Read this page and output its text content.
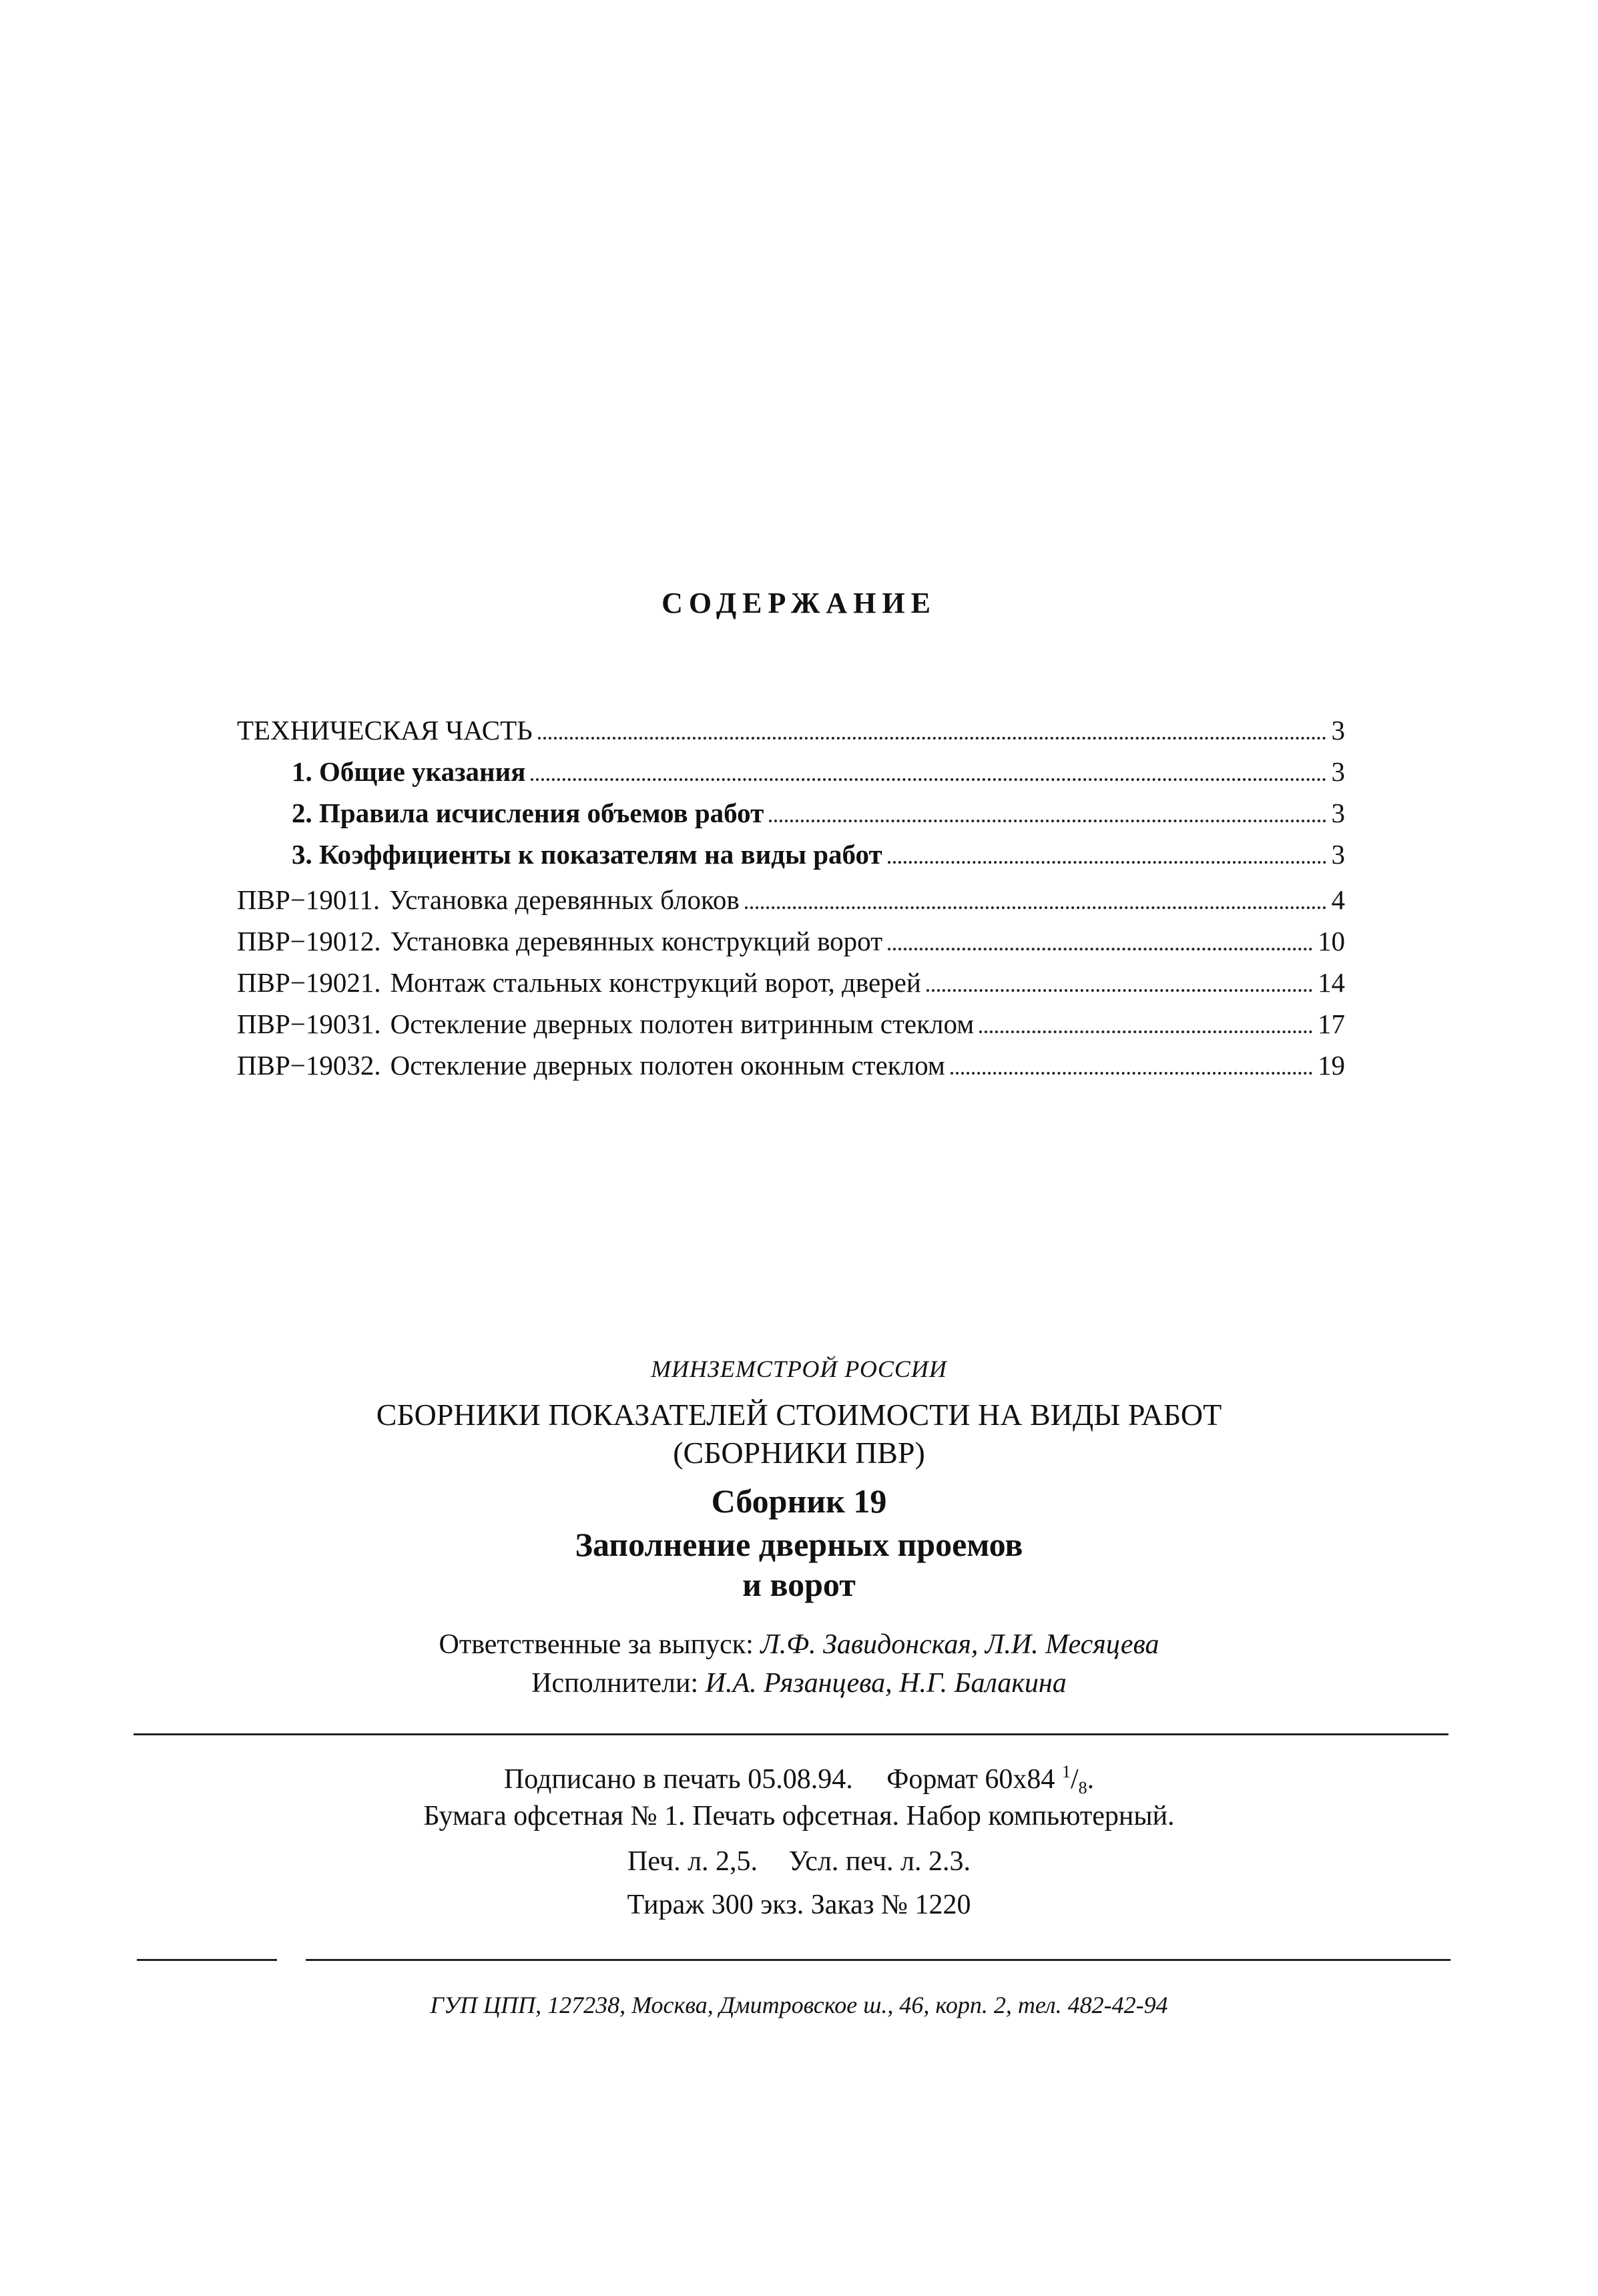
СОДЕРЖАНИЕ
ТЕХНИЧЕСКАЯ ЧАСТЬ	3
1. Общие указания	3
2. Правила исчисления объемов работ	3
3. Коэффициенты к показателям на виды работ	3
ПВР−19011. Установка деревянных блоков	4
ПВР−19012. Установка деревянных конструкций ворот	10
ПВР−19021. Монтаж стальных конструкций ворот, дверей	14
ПВР−19031. Остекление дверных полотен витринным стеклом	17
ПВР−19032. Остекление дверных полотен оконным стеклом	19
МИНЗЕМСТРОЙ РОССИИ
СБОРНИКИ ПОКАЗАТЕЛЕЙ СТОИМОСТИ НА ВИДЫ РАБОТ
(СБОРНИКИ ПВР)
Сборник 19
Заполнение дверных проемов
и ворот
Ответственные за выпуск: Л.Ф. Завидонская, Л.И. Месяцева
Исполнители: И.А. Рязанцева, Н.Г. Балакина
Подписано в печать 05.08.94. Формат 60х84 $^1/_8$.
Бумага офсетная № 1. Печать офсетная. Набор компьютерный.
Печ. л. 2,5. Усл. печ. л. 2.3.
Тираж 300 экз. Заказ № 1220
ГУП ЦПП, 127238, Москва, Дмитровское ш., 46, корп. 2, тел. 482-42-94
